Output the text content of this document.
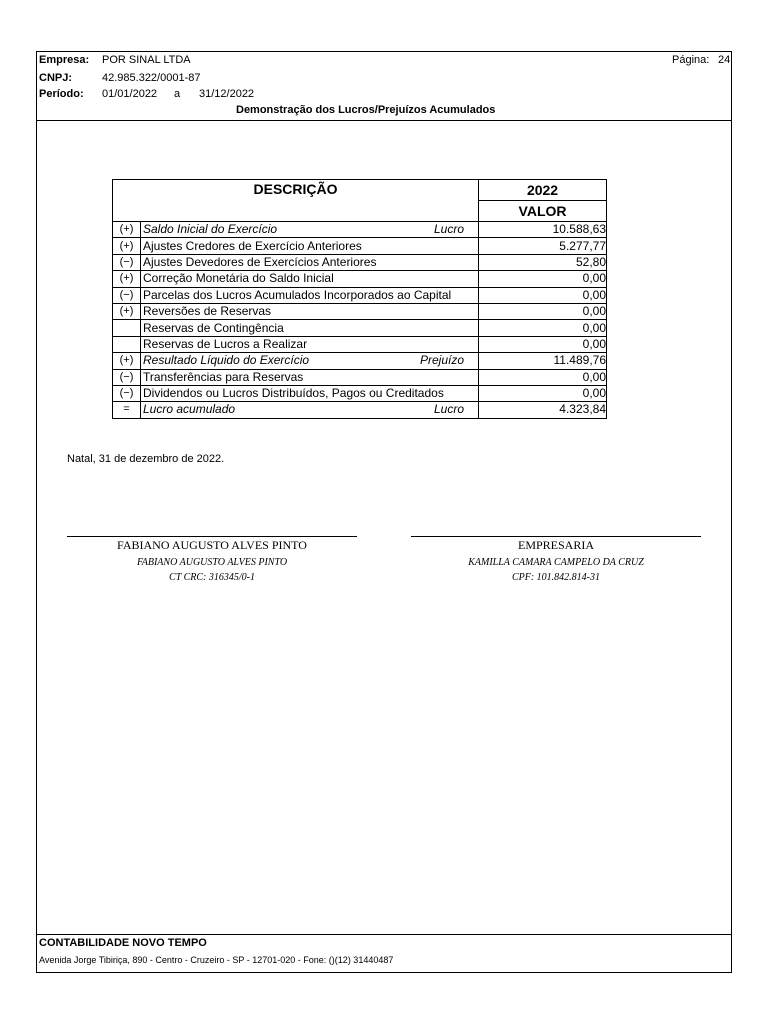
Empresa: POR SINAL LTDA
CNPJ:	42.985.322/0001-87
Período: 01/01/2022 a 31/12/2022
Página: 24
Demonstração dos Lucros/Prejuízos Acumulados
DESCRIÇÃO		2022
		VALOR
(+)	Saldo Inicial do Exercício Lucro	10.588,63
(+)	Ajustes Credores de Exercício Anteriores	5.277,77
(−)	Ajustes Devedores de Exercícios Anteriores	52,80
(+)	Correção Monetária do Saldo Inicial	0,00
(−)	Parcelas dos Lucros Acumulados Incorporados ao Capital	0,00
(+)	Reversões de Reservas	0,00
	Reservas de Contingência	0,00
	Reservas de Lucros a Realizar	0,00
(+)	Resultado Líquido do Exercício Prejuízo	11.489,76
(−)	Transferências para Reservas	0,00
(−)	Dividendos ou Lucros Distribuídos, Pagos ou Creditados	0,00
=	Lucro acumulado Lucro	4.323,84
Natal, 31 de dezembro de 2022.
FABIANO AUGUSTO ALVES PINTO
FABIANO AUGUSTO ALVES PINTO
CT CRC: 316345/0-1
EMPRESARIA
KAMILLA CAMARA CAMPELO DA CRUZ
CPF: 101.842.814-31
CONTABILIDADE NOVO TEMPO
Avenida Jorge Tibiriça, 890 - Centro - Cruzeiro - SP - 12701-020 - Fone: ()(12) 31440487
